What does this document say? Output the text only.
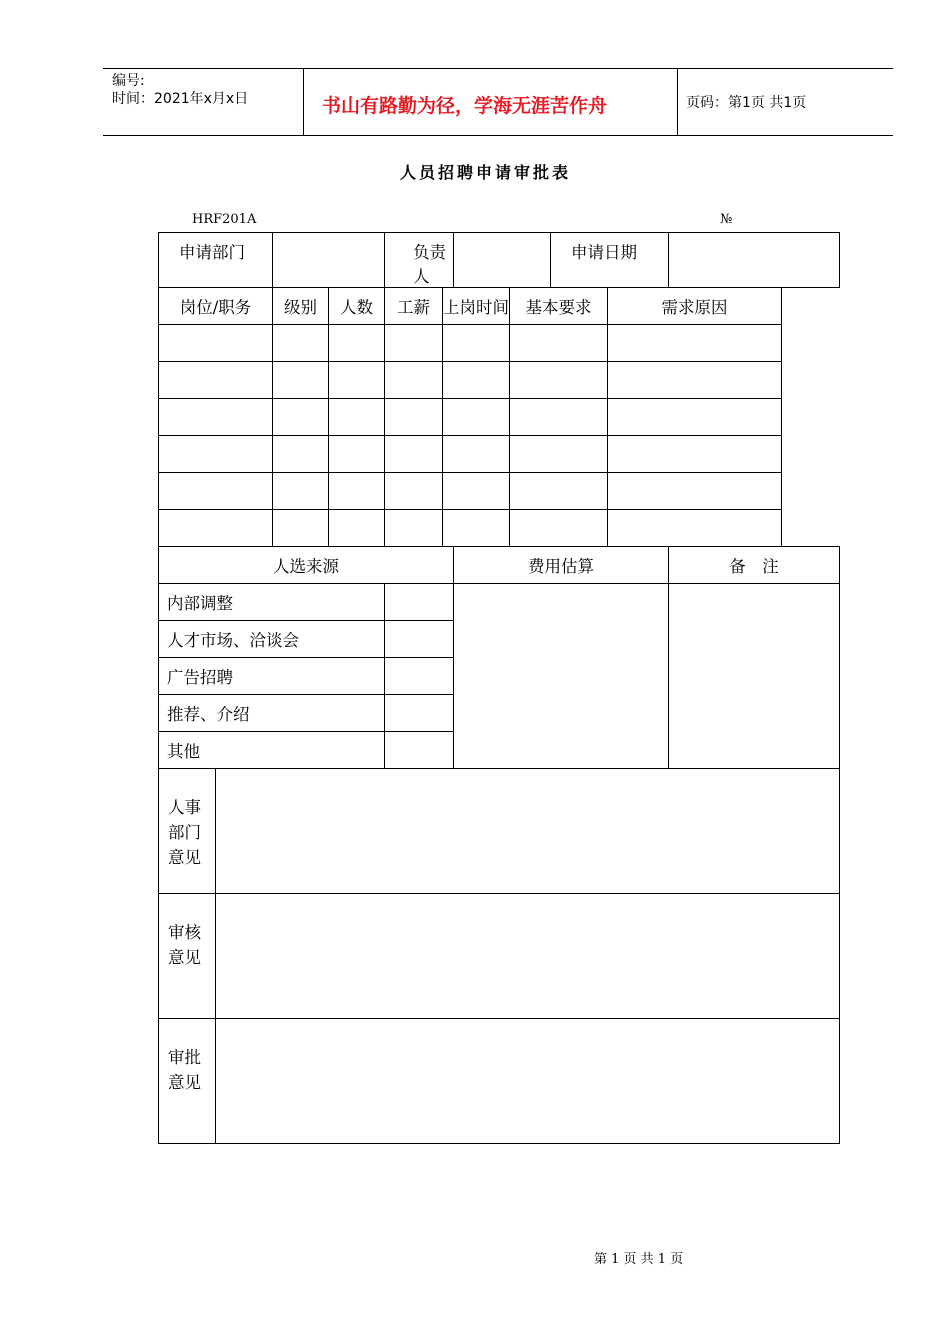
编号:
时间：2021年x月x日	书山有路勤为径，学海无涯苦作舟	页码：第1页 共1页
人员招聘申请审批表
HRF201A	№
申请部门				负责人				申请日期		
岗位/职务		级别	人数	工薪	上岗时间		基本要求		需求原因	

人选来源						费用估算				备　注
内部调整										
人才市场、洽谈会										
广告招聘										
推荐、介绍										
其他										

人事
部门
意见										

审核
意见										

审批
意见										

第 1 页 共 1 页
